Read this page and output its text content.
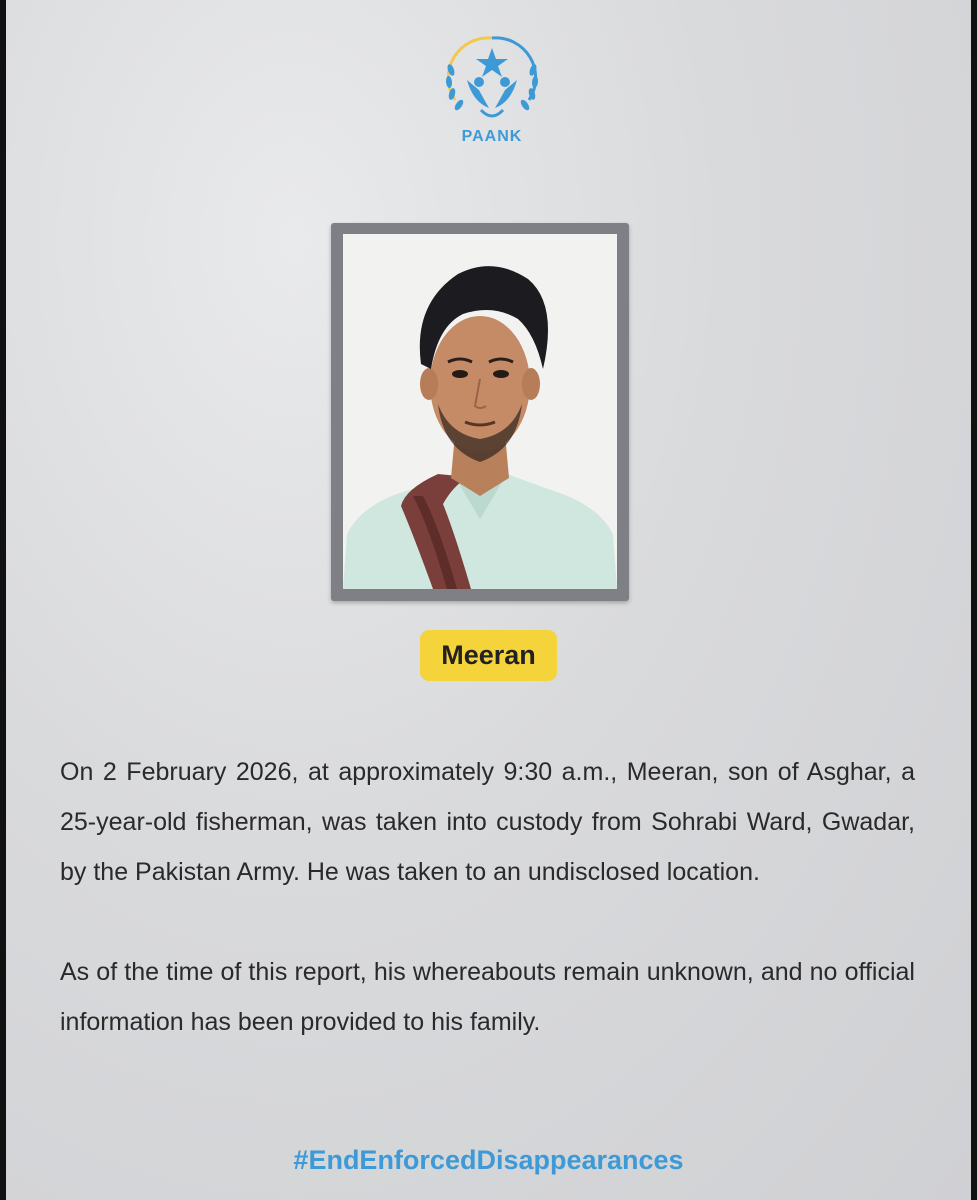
PAANK
Meeran
On 2 February 2026, at approximately 9:30 a.m., Meeran, son of Asghar, a 25-year-old fisherman, was taken into custody from Sohrabi Ward, Gwadar, by the Pakistan Army. He was taken to an undisclosed location.
As of the time of this report, his whereabouts remain unknown, and no official information has been provided to his family.
#EndEnforcedDisappearances
